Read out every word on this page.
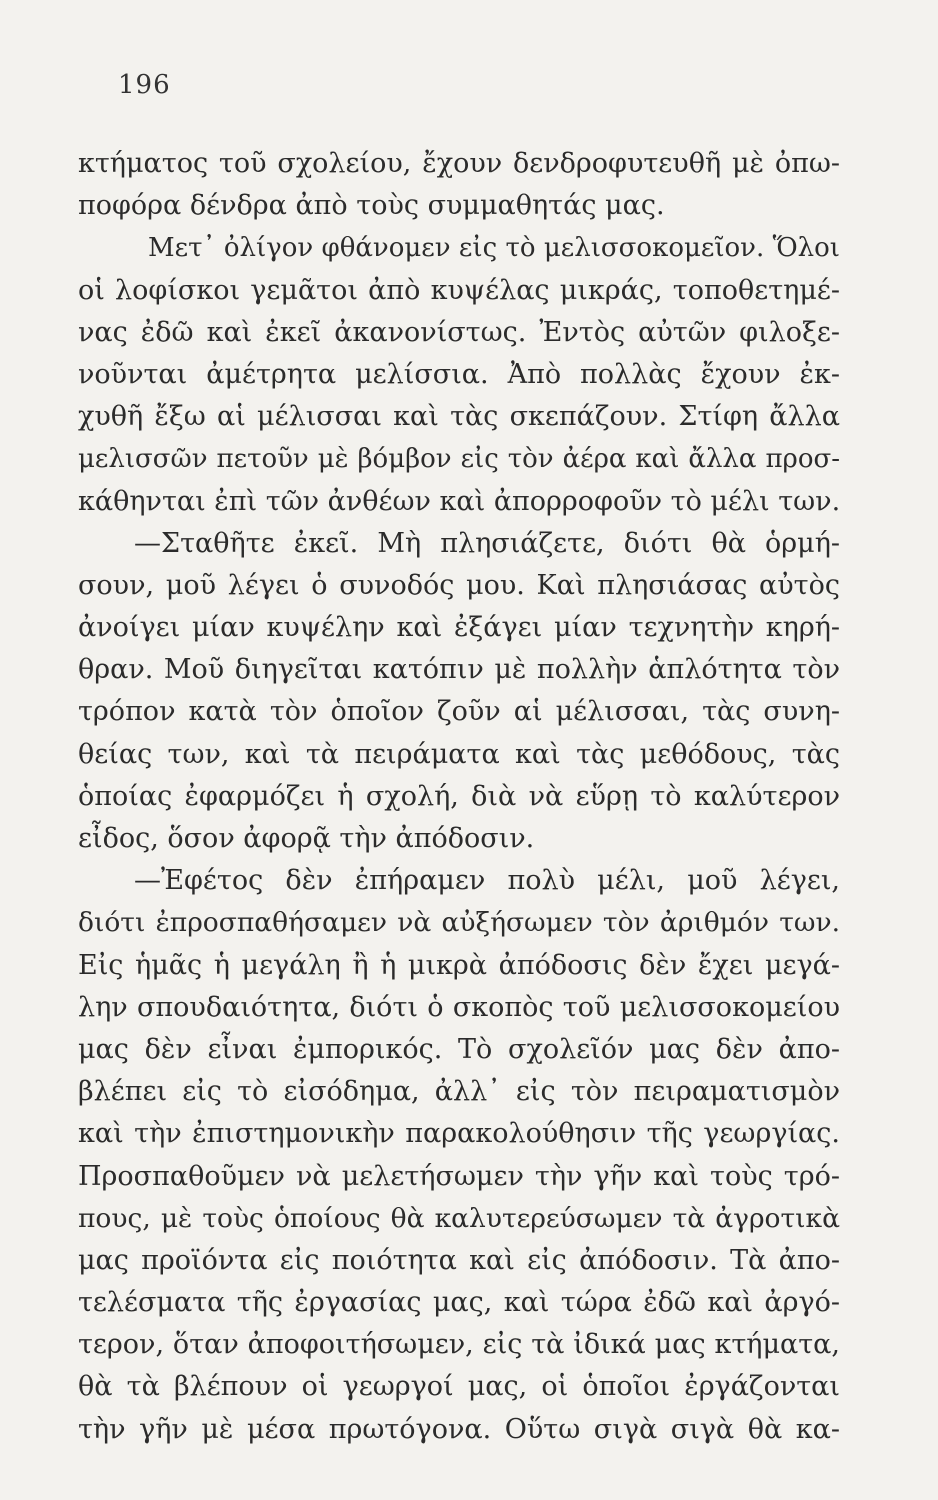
196
κτήματος τοῦ σχολείου, ἔχουν δενδροφυτευθῆ μὲ ὀπω-
ποφόρα δένδρα ἀπὸ τοὺς συμμαθητάς μας.
Μετ᾽ ὀλίγον φθάνομεν εἰς τὸ μελισσοκομεῖον. Ὅλοι
οἱ λοφίσκοι γεμᾶτοι ἀπὸ κυψέλας μικράς, τοποθετημέ-
νας ἐδῶ καὶ ἐκεῖ ἀκανονίστως. Ἐντὸς αὐτῶν φιλοξε-
νοῦνται ἀμέτρητα μελίσσια. Ἀπὸ πολλὰς ἔχουν ἐκ-
χυθῆ ἔξω αἱ μέλισσαι καὶ τὰς σκεπάζουν. Στίφη ἄλλα
μελισσῶν πετοῦν μὲ βόμβον εἰς τὸν ἀέρα καὶ ἄλλα προσ-
κάθηνται ἐπὶ τῶν ἀνθέων καὶ ἀπορροφοῦν τὸ μέλι των.
—Σταθῆτε ἐκεῖ. Μὴ πλησιάζετε, διότι θὰ ὁρμή-
σουν, μοῦ λέγει ὁ συνοδός μου. Καὶ πλησιάσας αὐτὸς
ἀνοίγει μίαν κυψέλην καὶ ἐξάγει μίαν τεχνητὴν κηρή-
θραν. Μοῦ διηγεῖται κατόπιν μὲ πολλὴν ἁπλότητα τὸν
τρόπον κατὰ τὸν ὁποῖον ζοῦν αἱ μέλισσαι, τὰς συνη-
θείας των, καὶ τὰ πειράματα καὶ τὰς μεθόδους, τὰς
ὁποίας ἐφαρμόζει ἡ σχολή, διὰ νὰ εὕρῃ τὸ καλύτερον
εἶδος, ὅσον ἀφορᾷ τὴν ἀπόδοσιν.
—Ἐφέτος δὲν ἐπήραμεν πολὺ μέλι, μοῦ λέγει,
διότι ἐπροσπαθήσαμεν νὰ αὐξήσωμεν τὸν ἀριθμόν των.
Εἰς ἡμᾶς ἡ μεγάλη ἢ ἡ μικρὰ ἀπόδοσις δὲν ἔχει μεγά-
λην σπουδαιότητα, διότι ὁ σκοπὸς τοῦ μελισσοκομείου
μας δὲν εἶναι ἐμπορικός. Τὸ σχολεῖόν μας δὲν ἀπο-
βλέπει εἰς τὸ εἰσόδημα, ἀλλ᾽ εἰς τὸν πειραματισμὸν
καὶ τὴν ἐπιστημονικὴν παρακολούθησιν τῆς γεωργίας.
Προσπαθοῦμεν νὰ μελετήσωμεν τὴν γῆν καὶ τοὺς τρό-
πους, μὲ τοὺς ὁποίους θὰ καλυτερεύσωμεν τὰ ἀγροτικὰ
μας προϊόντα εἰς ποιότητα καὶ εἰς ἀπόδοσιν. Τὰ ἀπο-
τελέσματα τῆς ἐργασίας μας, καὶ τώρα ἐδῶ καὶ ἀργό-
τερον, ὅταν ἀποφοιτήσωμεν, εἰς τὰ ἰδικά μας κτήματα,
θὰ τὰ βλέπουν οἱ γεωργοί μας, οἱ ὁποῖοι ἐργάζονται
τὴν γῆν μὲ μέσα πρωτόγονα. Οὕτω σιγὰ σιγὰ θὰ κα-
